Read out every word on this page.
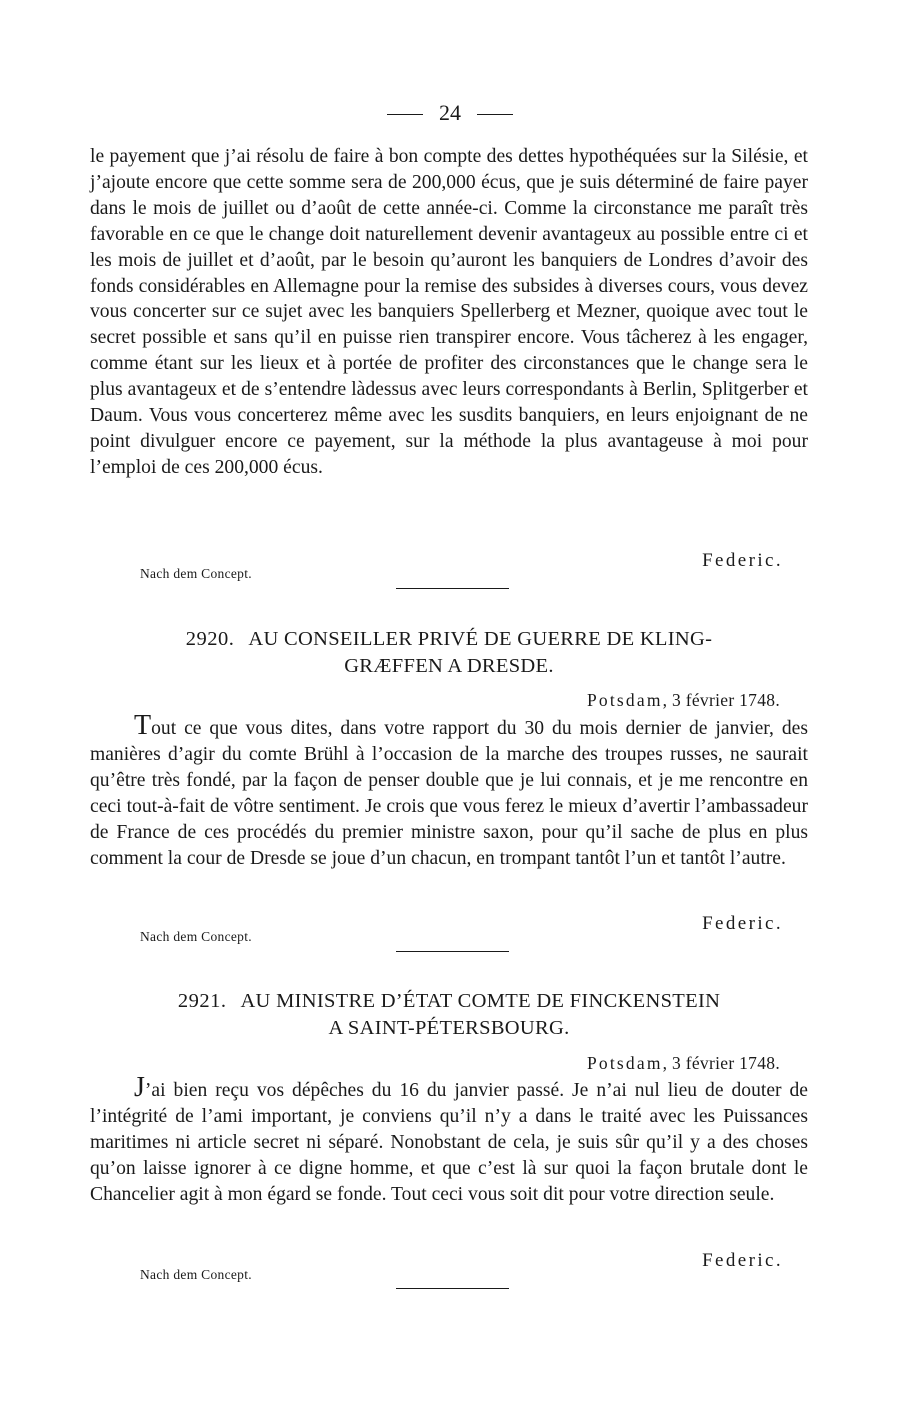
24

le payement que j’ai résolu de faire à bon compte des dettes hypothéquées sur la Silésie, et j’ajoute encore que cette somme sera de 200,000 écus, que je suis déterminé de faire payer dans le mois de juillet ou d’août de cette année-ci. Comme la circonstance me paraît très favorable en ce que le change doit naturellement devenir avantageux au possible entre ci et les mois de juillet et d’août, par le besoin qu’auront les banquiers de Londres d’avoir des fonds considérables en Allemagne pour la remise des subsides à diverses cours, vous devez vous concerter sur ce sujet avec les banquiers Spellerberg et Mezner, quoique avec tout le secret possible et sans qu’il en puisse rien transpirer encore. Vous tâcherez à les engager, comme étant sur les lieux et à portée de profiter des circonstances que le change sera le plus avantageux et de s’entendre làdessus avec leurs correspondants à Berlin, Splitgerber et Daum. Vous vous concerterez même avec les susdits banquiers, en leurs enjoignant de ne point divulguer encore ce payement, sur la méthode la plus avantageuse à moi pour l’emploi de ces 200,000 écus.

Federic.
Nach dem Concept.
2920. AU CONSEILLER PRIVÉ DE GUERRE DE KLING-
GRÆFFEN A DRESDE.
Potsdam, 3 février 1748.

Tout ce que vous dites, dans votre rapport du 30 du mois dernier de janvier, des manières d’agir du comte Brühl à l’occasion de la marche des troupes russes, ne saurait qu’être très fondé, par la façon de penser double que je lui connais, et je me rencontre en ceci tout-à-fait de vôtre sentiment. Je crois que vous ferez le mieux d’avertir l’ambassadeur de France de ces procédés du premier ministre saxon, pour qu’il sache de plus en plus comment la cour de Dresde se joue d’un chacun, en trompant tantôt l’un et tantôt l’autre.

Federic.
Nach dem Concept.
2921. AU MINISTRE D’ÉTAT COMTE DE FINCKENSTEIN
A SAINT-PÉTERSBOURG.
Potsdam, 3 février 1748.

J’ai bien reçu vos dépêches du 16 du janvier passé. Je n’ai nul lieu de douter de l’intégrité de l’ami important, je conviens qu’il n’y a dans le traité avec les Puissances maritimes ni article secret ni séparé. Nonobstant de cela, je suis sûr qu’il y a des choses qu’on laisse ignorer à ce digne homme, et que c’est là sur quoi la façon brutale dont le Chancelier agit à mon égard se fonde. Tout ceci vous soit dit pour votre direction seule.

Federic.
Nach dem Concept.
